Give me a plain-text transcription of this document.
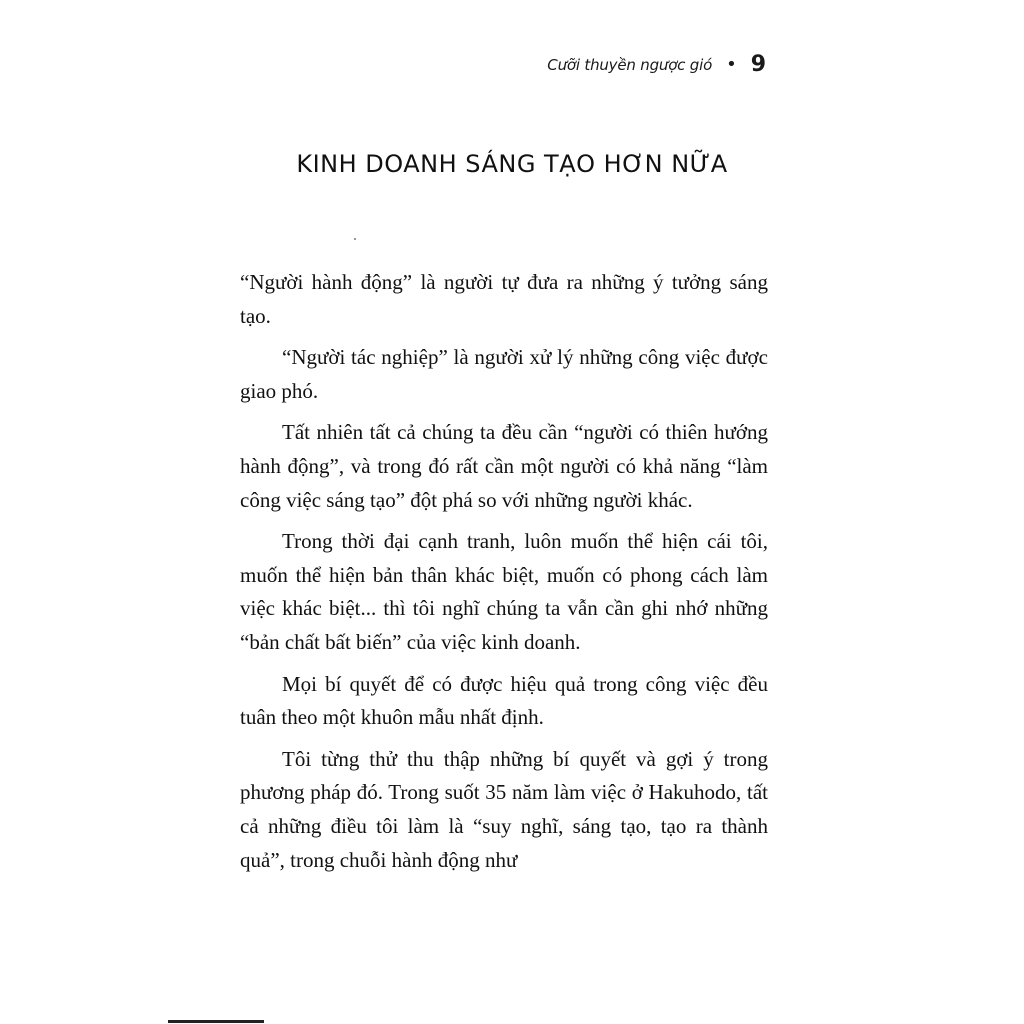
Cưỡi thuyền ngược gió • 9
KINH DOANH SÁNG TẠO HƠN NỮA

“Người hành động” là người tự đưa ra những ý tưởng sáng tạo.

“Người tác nghiệp” là người xử lý những công việc được giao phó.

Tất nhiên tất cả chúng ta đều cần “người có thiên hướng hành động”, và trong đó rất cần một người có khả năng “làm công việc sáng tạo” đột phá so với những người khác.

Trong thời đại cạnh tranh, luôn muốn thể hiện cái tôi, muốn thể hiện bản thân khác biệt, muốn có phong cách làm việc khác biệt... thì tôi nghĩ chúng ta vẫn cần ghi nhớ những “bản chất bất biến” của việc kinh doanh.

Mọi bí quyết để có được hiệu quả trong công việc đều tuân theo một khuôn mẫu nhất định.

Tôi từng thử thu thập những bí quyết và gợi ý trong phương pháp đó. Trong suốt 35 năm làm việc ở Hakuhodo, tất cả những điều tôi làm là “suy nghĩ, sáng tạo, tạo ra thành quả”, trong chuỗi hành động như
